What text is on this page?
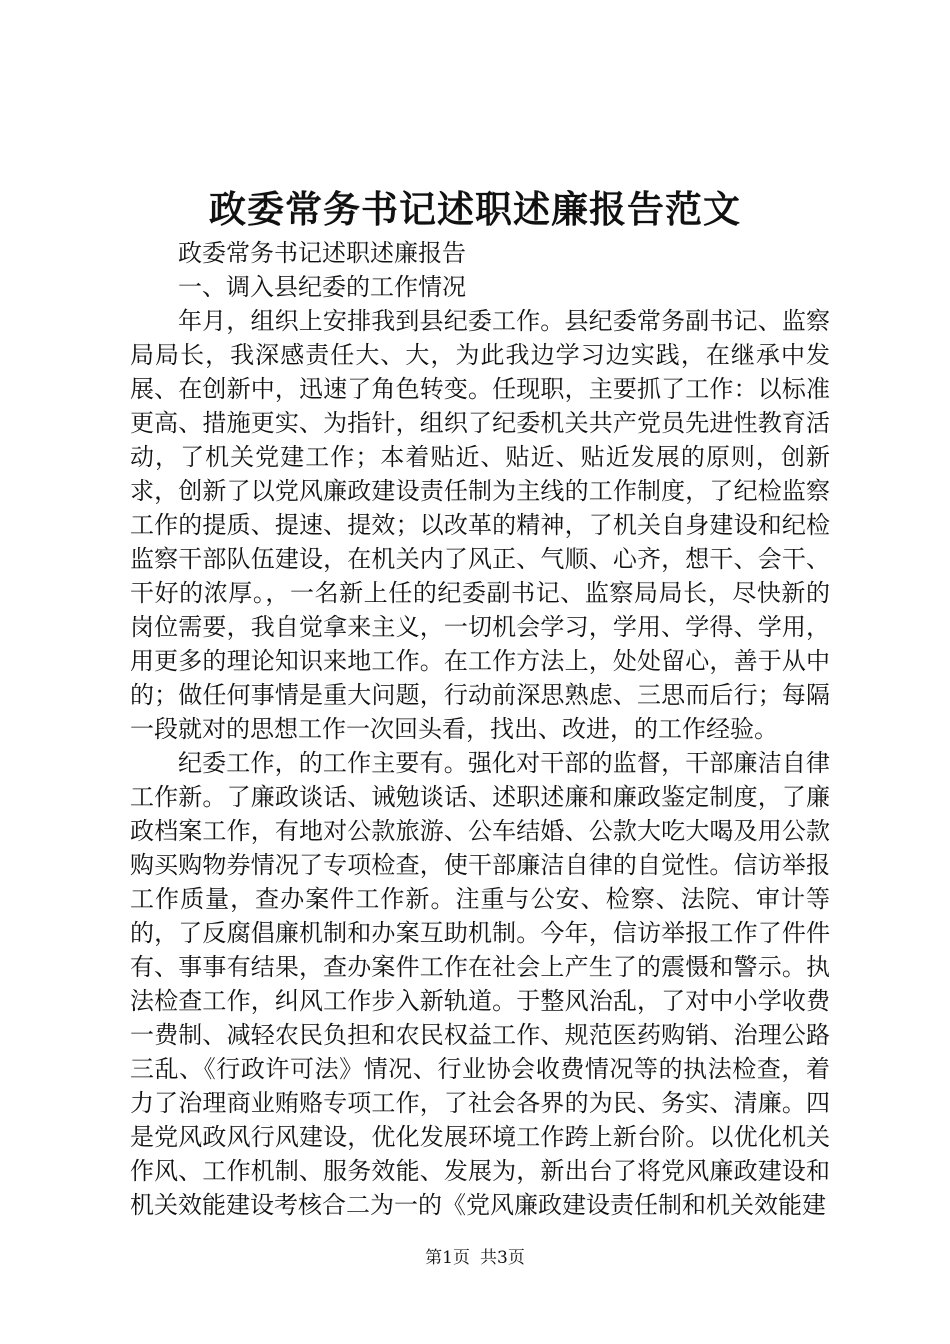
政委常务书记述职述廉报告范文

政委常务书记述职述廉报告

一、调入县纪委的工作情况

年月，组织上安排我到县纪委工作。县纪委常务副书记、监察局局长，我深感责任大、大，为此我边学习边实践，在继承中发展、在创新中，迅速了角色转变。任现职，主要抓了工作：以标准更高、措施更实、为指针，组织了纪委机关共产党员先进性教育活动，了机关党建工作；本着贴近、贴近、贴近发展的原则，创新求，创新了以党风廉政建设责任制为主线的工作制度，了纪检监察工作的提质、提速、提效；以改革的精神，了机关自身建设和纪检监察干部队伍建设，在机关内了风正、气顺、心齐，想干、会干、干好的浓厚。，一名新上任的纪委副书记、监察局局长，尽快新的岗位需要，我自觉拿来主义，一切机会学习，学用、学得、学用，用更多的理论知识来地工作。在工作方法上，处处留心，善于从中的；做任何事情是重大问题，行动前深思熟虑、三思而后行；每隔一段就对的思想工作一次回头看，找出、改进，的工作经验。

纪委工作，的工作主要有。强化对干部的监督，干部廉洁自律工作新。了廉政谈话、诫勉谈话、述职述廉和廉政鉴定制度，了廉政档案工作，有地对公款旅游、公车结婚、公款大吃大喝及用公款购买购物券情况了专项检查，使干部廉洁自律的自觉性。信访举报工作质量，查办案件工作新。注重与公安、检察、法院、审计等的，了反腐倡廉机制和办案互助机制。今年，信访举报工作了件件有、事事有结果，查办案件工作在社会上产生了的震慑和警示。执法检查工作，纠风工作步入新轨道。于整风治乱，了对中小学收费一费制、减轻农民负担和农民权益工作、规范医药购销、治理公路三乱、《行政许可法》情况、行业协会收费情况等的执法检查，着力了治理商业贿赂专项工作，了社会各界的为民、务实、清廉。四是党风政风行风建设，优化发展环境工作跨上新台阶。以优化机关作风、工作机制、服务效能、发展为，新出台了将党风廉政建设和机关效能建设考核合二为一的《党风廉政建设责任制和机关效能建

第1页 共3页
